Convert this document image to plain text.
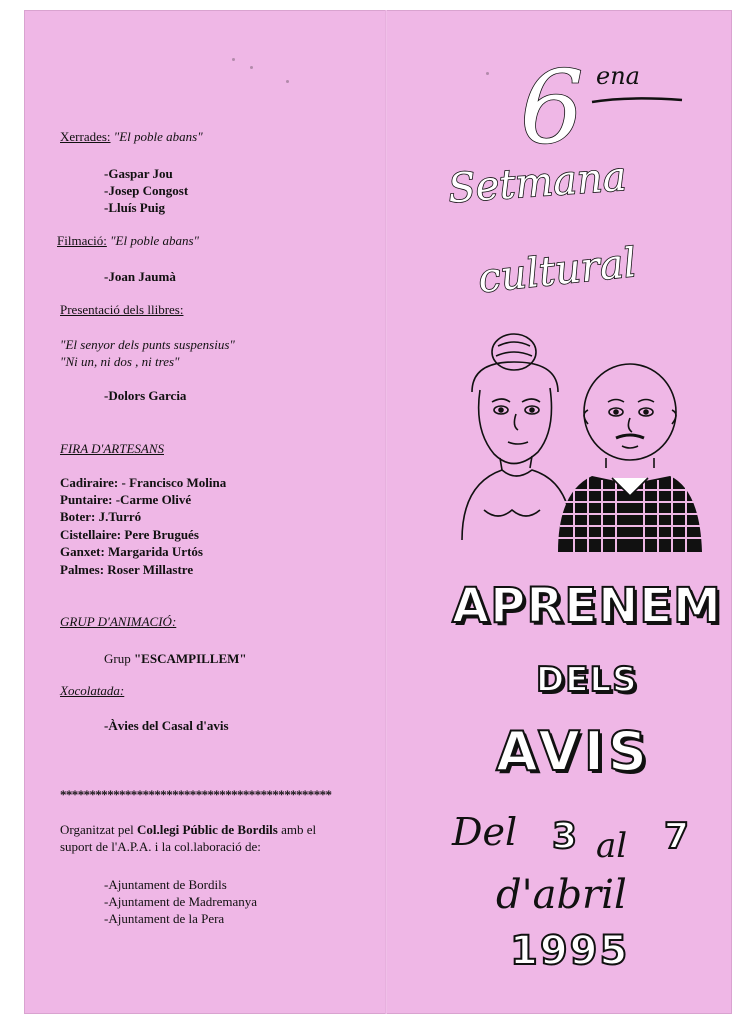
Xerrades: "El poble abans"
-Gaspar Jou
-Josep Congost
-Lluís Puig
Filmació: "El poble abans"
-Joan Jaumà
Presentació dels llibres:
"El senyor dels punts suspensius"
"Ni un, ni dos , ni tres"
-Dolors Garcia
FIRA D'ARTESANS
Cadiraire: - Francisco Molina
Puntaire: -Carme Olivé
Boter: J.Turró
Cistellaire: Pere Brugués
Ganxet: Margarida Urtós
Palmes: Roser Millastre
GRUP D'ANIMACIÓ:
Grup "ESCAMPILLEM"
Xocolatada:
-Àvies del Casal d'avis
**********************************************
Organitzat pel Col.legi Públic de Bordils amb el
suport de l'A.P.A. i la col.laboració de:
-Ajuntament de Bordils
-Ajuntament de Madremanya
-Ajuntament de la Pera
6 ena
Setmana
cultural
APRENEM
DELS
AVIS
Del 3 al 7
d'abril
1995
